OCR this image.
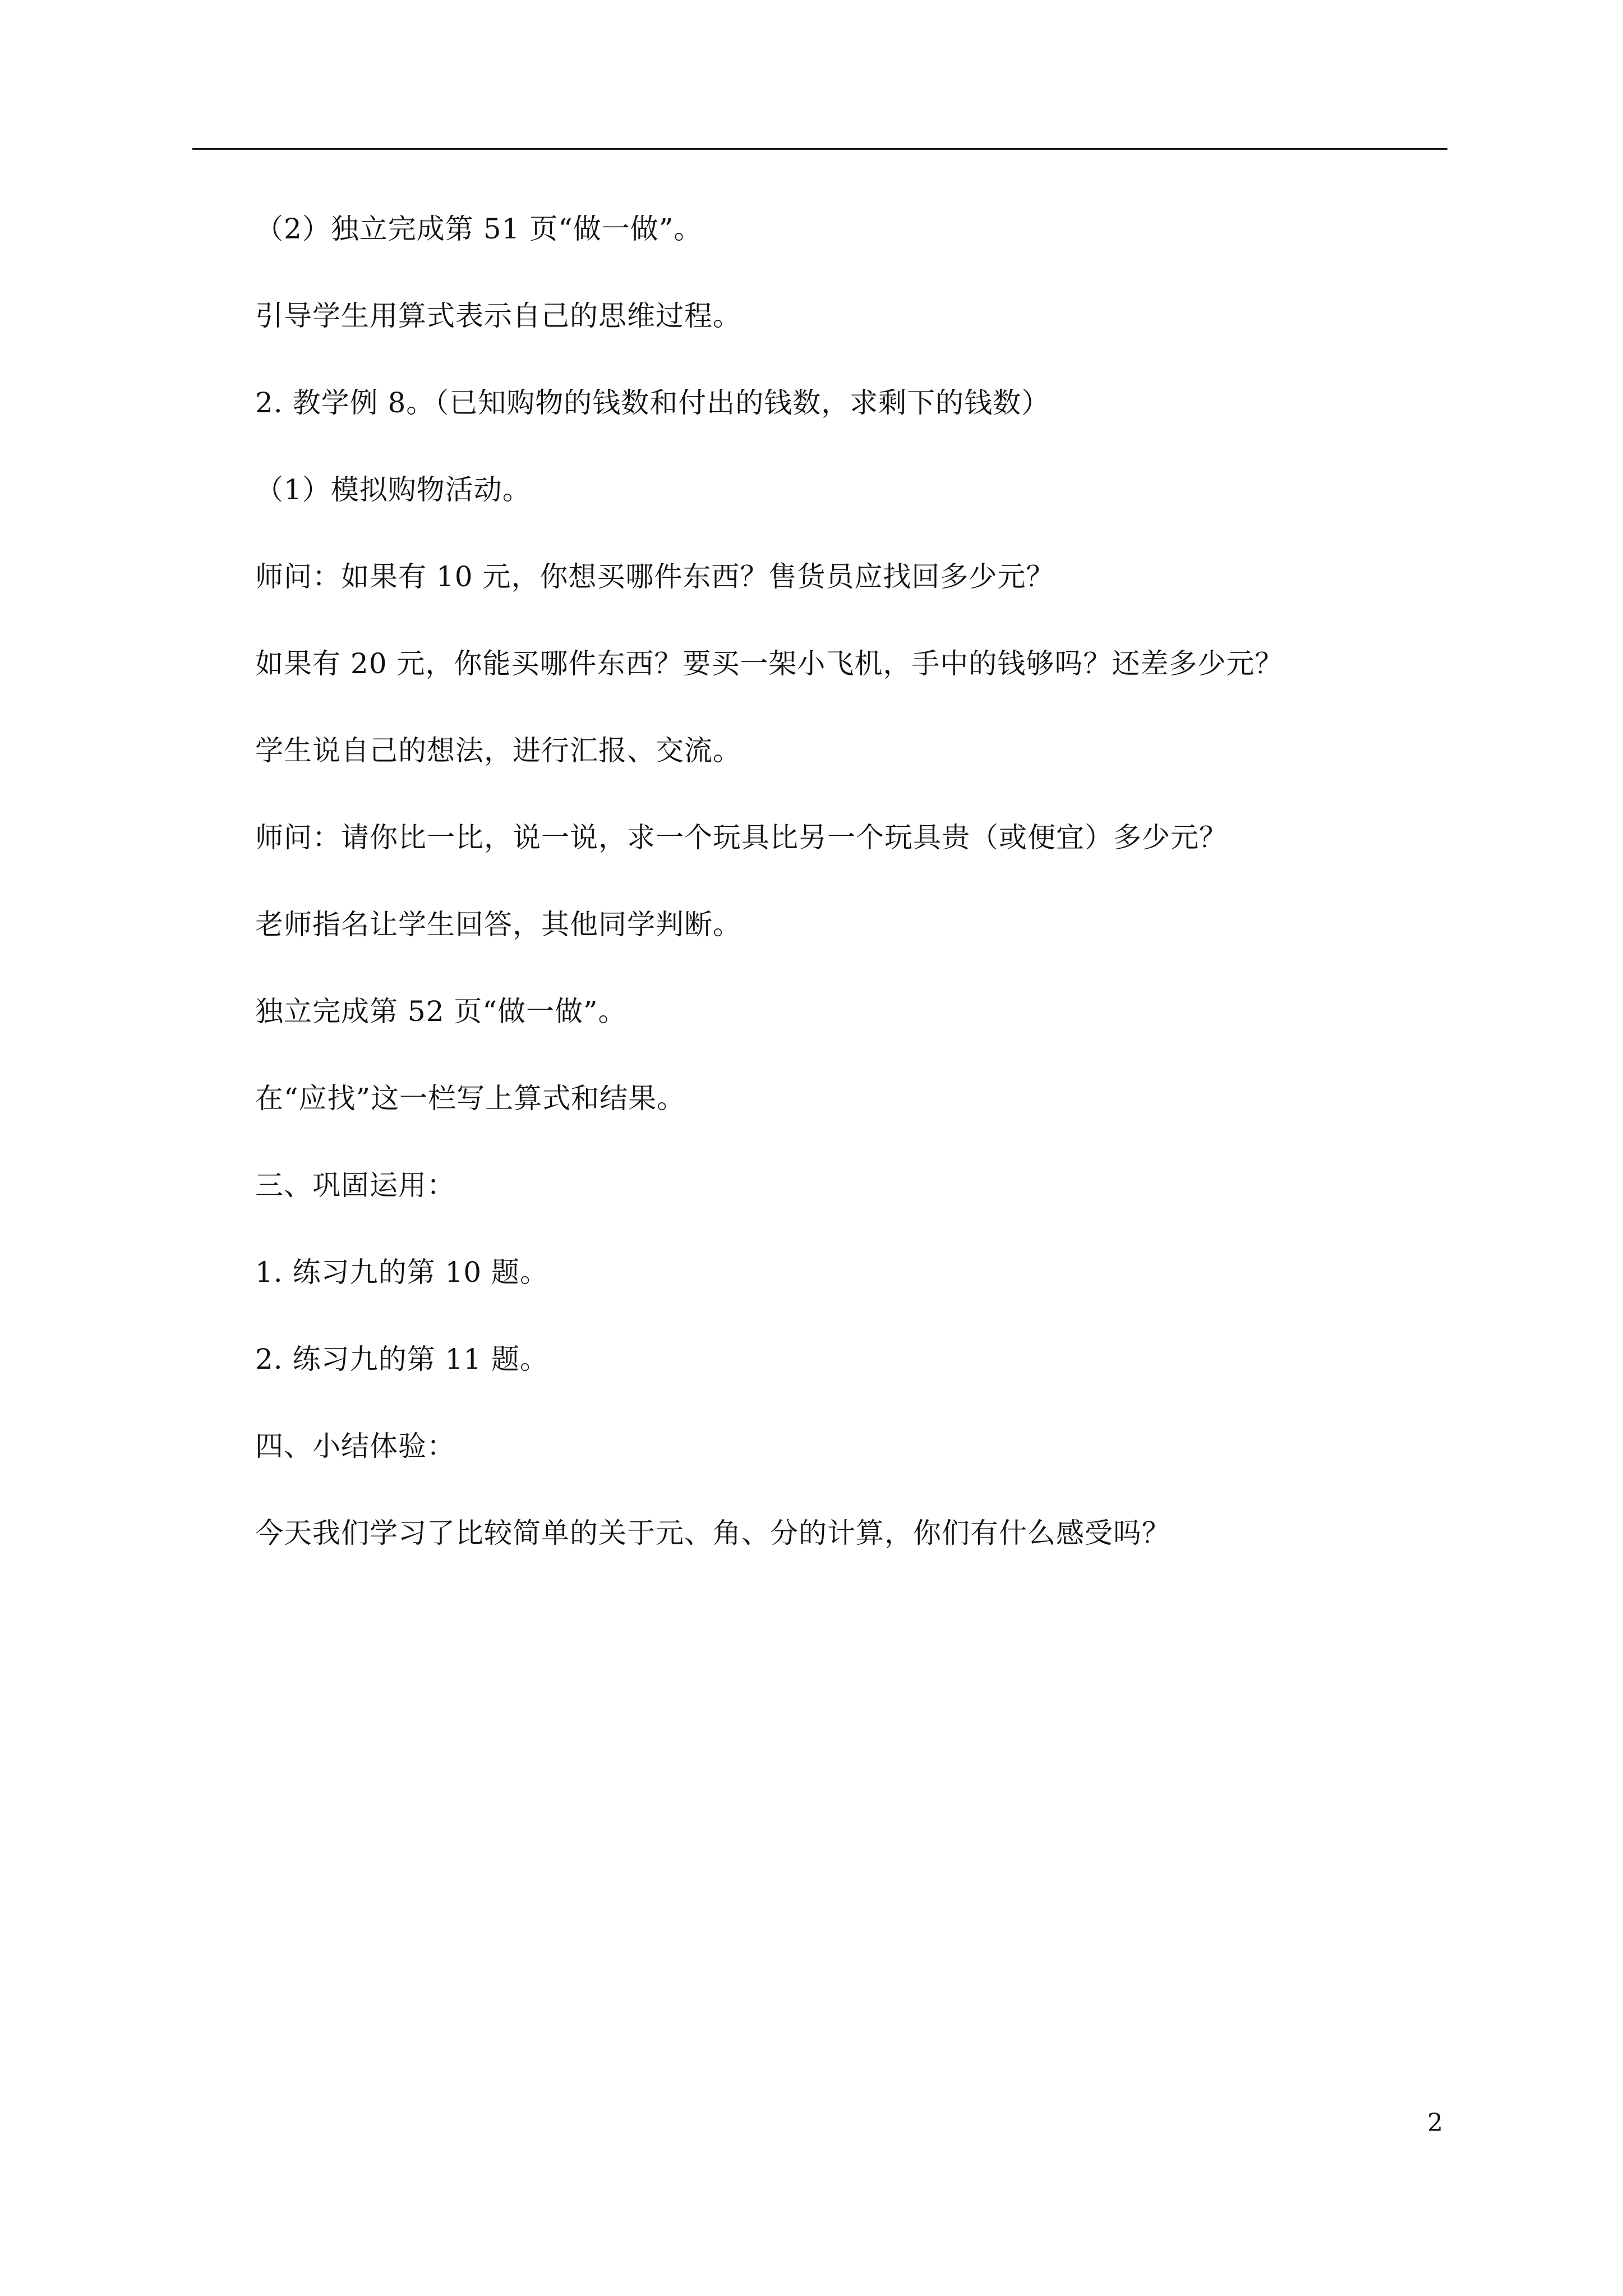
（2）独立完成第 51 页“做一做”。
引导学生用算式表示自己的思维过程。
2. 教学例 8。（已知购物的钱数和付出的钱数，求剩下的钱数）
（1）模拟购物活动。
师问：如果有 10 元，你想买哪件东西？售货员应找回多少元？
如果有 20 元，你能买哪件东西？要买一架小飞机，手中的钱够吗？还差多少元？
学生说自己的想法，进行汇报、交流。
师问：请你比一比，说一说，求一个玩具比另一个玩具贵（或便宜）多少元？
老师指名让学生回答，其他同学判断。
独立完成第 52 页“做一做”。
在“应找”这一栏写上算式和结果。
三、巩固运用：
1. 练习九的第 10 题。
2. 练习九的第 11 题。
四、小结体验：
今天我们学习了比较简单的关于元、角、分的计算，你们有什么感受吗？
2
